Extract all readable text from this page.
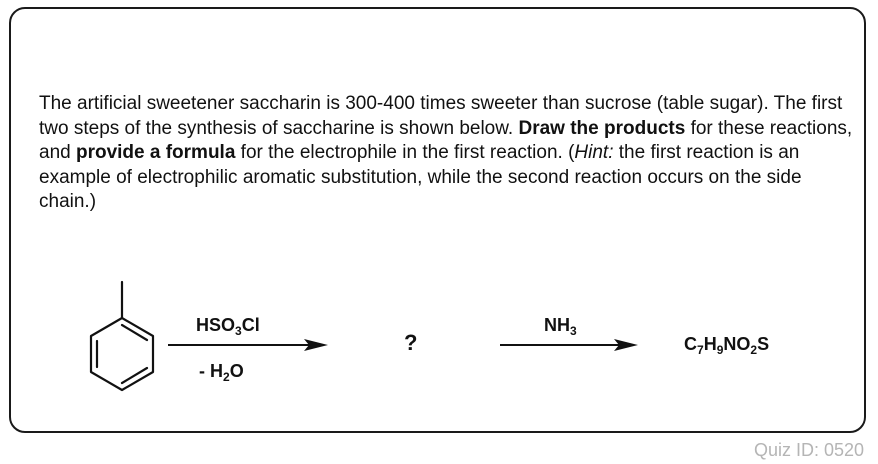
The artificial sweetener saccharin is 300-400 times sweeter than sucrose (table sugar). The first two steps of the synthesis of saccharine is shown below. Draw the products for these reactions, and provide a formula for the electrophile in the first reaction. (Hint: the first reaction is an example of electrophilic aromatic substitution, while the second reaction occurs on the side chain.)

$HSO_3Cl$
- $H_2O$
?
$NH_3$
$C_7H_9NO_2S$
Quiz ID: 0520
